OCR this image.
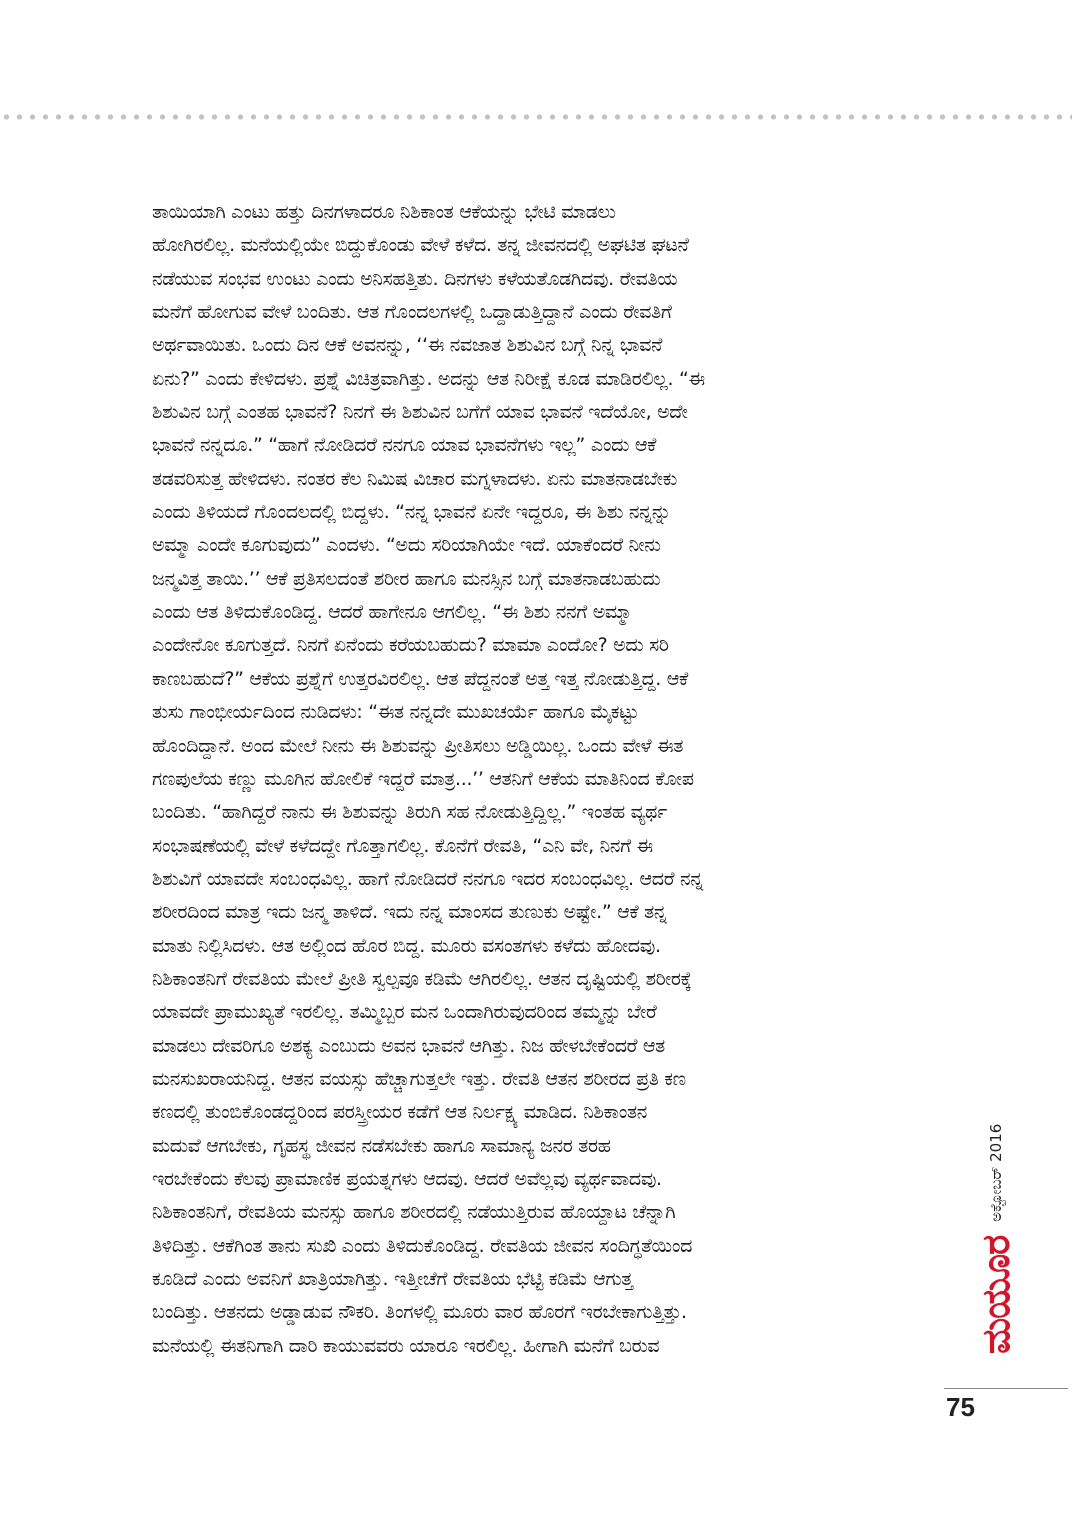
ತಾಯಿಯಾಗಿ ಎಂಟು ಹತ್ತು ದಿನಗಳಾದರೂ ನಿಶಿಕಾಂತ ಆಕೆಯನ್ನು ಭೇಟಿ ಮಾಡಲು
ಹೋಗಿರಲಿಲ್ಲ. ಮನೆಯಲ್ಲಿಯೇ ಬಿದ್ದುಕೊಂಡು ವೇಳೆ ಕಳೆದ. ತನ್ನ ಜೀವನದಲ್ಲಿ ಅಘಟಿತ ಘಟನೆ
ನಡೆಯುವ ಸಂಭವ ಉಂಟು ಎಂದು ಅನಿಸಹತ್ತಿತು. ದಿನಗಳು ಕಳೆಯತೊಡಗಿದವು. ರೇವತಿಯ
ಮನೆಗೆ ಹೋಗುವ ವೇಳೆ ಬಂದಿತು. ಆತ ಗೊಂದಲಗಳಲ್ಲಿ ಒದ್ದಾಡುತ್ತಿದ್ದಾನೆ ಎಂದು ರೇವತಿಗೆ
ಅರ್ಥವಾಯಿತು. ಒಂದು ದಿನ ಆಕೆ ಅವನನ್ನು, ‘‘ಈ ನವಜಾತ ಶಿಶುವಿನ ಬಗ್ಗೆ ನಿನ್ನ ಭಾವನೆ
ಏನು?” ಎಂದು ಕೇಳಿದಳು. ಪ್ರಶ್ನೆ ವಿಚಿತ್ರವಾಗಿತ್ತು. ಅದನ್ನು ಆತ ನಿರೀಕ್ಷೆ ಕೂಡ ಮಾಡಿರಲಿಲ್ಲ. “ಈ
ಶಿಶುವಿನ ಬಗ್ಗೆ ಎಂತಹ ಭಾವನೆ? ನಿನಗೆ ಈ ಶಿಶುವಿನ ಬಗೆಗೆ ಯಾವ ಭಾವನೆ ಇದೆಯೋ, ಅದೇ
ಭಾವನೆ ನನ್ನದೂ.” “ಹಾಗೆ ನೋಡಿದರೆ ನನಗೂ ಯಾವ ಭಾವನೆಗಳು ಇಲ್ಲ” ಎಂದು ಆಕೆ
ತಡವರಿಸುತ್ತ ಹೇಳಿದಳು. ನಂತರ ಕೆಲ ನಿಮಿಷ ವಿಚಾರ ಮಗ್ನಳಾದಳು. ಏನು ಮಾತನಾಡಬೇಕು
ಎಂದು ತಿಳಿಯದೆ ಗೊಂದಲದಲ್ಲಿ ಬಿದ್ದಳು. “ನನ್ನ ಭಾವನೆ ಏನೇ ಇದ್ದರೂ, ಈ ಶಿಶು ನನ್ನನ್ನು
ಅಮ್ಮಾ ಎಂದೇ ಕೂಗುವುದು” ಎಂದಳು. “ಅದು ಸರಿಯಾಗಿಯೇ ಇದೆ. ಯಾಕೆಂದರೆ ನೀನು
ಜನ್ಮವಿತ್ತ ತಾಯಿ.’’ ಆಕೆ ಪ್ರತಿಸಲದಂತೆ ಶರೀರ ಹಾಗೂ ಮನಸ್ಸಿನ ಬಗ್ಗೆ ಮಾತನಾಡಬಹುದು
ಎಂದು ಆತ ತಿಳಿದುಕೊಂಡಿದ್ದ. ಆದರೆ ಹಾಗೇನೂ ಆಗಲಿಲ್ಲ. “ಈ ಶಿಶು ನನಗೆ ಅಮ್ಮಾ
ಎಂದೇನೋ ಕೂಗುತ್ತದೆ. ನಿನಗೆ ಏನೆಂದು ಕರೆಯಬಹುದು? ಮಾಮಾ ಎಂದೋ? ಅದು ಸರಿ
ಕಾಣಬಹುದೆ?” ಆಕೆಯ ಪ್ರಶ್ನೆಗೆ ಉತ್ತರವಿರಲಿಲ್ಲ. ಆತ ಪೆದ್ದನಂತೆ ಅತ್ತ ಇತ್ತ ನೋಡುತ್ತಿದ್ದ. ಆಕೆ
ತುಸು ಗಾಂಭೀರ್ಯದಿಂದ ನುಡಿದಳು: “ಈತ ನನ್ನದೇ ಮುಖಚರ್ಯೆ ಹಾಗೂ ಮೈಕಟ್ಟು
ಹೊಂದಿದ್ದಾನೆ. ಅಂದ ಮೇಲೆ ನೀನು ಈ ಶಿಶುವನ್ನು ಪ್ರೀತಿಸಲು ಅಡ್ಡಿಯಿಲ್ಲ. ಒಂದು ವೇಳೆ ಈತ
ಗಣಪುಲೆಯ ಕಣ್ಣು ಮೂಗಿನ ಹೋಲಿಕೆ ಇದ್ದರೆ ಮಾತ್ರ...’’ ಆತನಿಗೆ ಆಕೆಯ ಮಾತಿನಿಂದ ಕೋಪ
ಬಂದಿತು. “ಹಾಗಿದ್ದರೆ ನಾನು ಈ ಶಿಶುವನ್ನು ತಿರುಗಿ ಸಹ ನೋಡುತ್ತಿದ್ದಿಲ್ಲ.” ಇಂತಹ ವ್ಯರ್ಥ
ಸಂಭಾಷಣೆಯಲ್ಲಿ ವೇಳೆ ಕಳೆದದ್ದೇ ಗೊತ್ತಾಗಲಿಲ್ಲ. ಕೊನೆಗೆ ರೇವತಿ, “ಎನಿ ವೇ, ನಿನಗೆ ಈ
ಶಿಶುವಿಗೆ ಯಾವದೇ ಸಂಬಂಧವಿಲ್ಲ. ಹಾಗೆ ನೋಡಿದರೆ ನನಗೂ ಇದರ ಸಂಬಂಧವಿಲ್ಲ. ಆದರೆ ನನ್ನ
ಶರೀರದಿಂದ ಮಾತ್ರ ಇದು ಜನ್ಮ ತಾಳಿದೆ. ಇದು ನನ್ನ ಮಾಂಸದ ತುಣುಕು ಅಷ್ಟೇ.” ಆಕೆ ತನ್ನ
ಮಾತು ನಿಲ್ಲಿಸಿದಳು. ಆತ ಅಲ್ಲಿಂದ ಹೊರ ಬಿದ್ದ. ಮೂರು ವಸಂತಗಳು ಕಳೆದು ಹೋದವು.
ನಿಶಿಕಾಂತನಿಗೆ ರೇವತಿಯ ಮೇಲೆ ಪ್ರೀತಿ ಸ್ವಲ್ಪವೂ ಕಡಿಮೆ ಆಗಿರಲಿಲ್ಲ. ಆತನ ದೃಷ್ಟಿಯಲ್ಲಿ ಶರೀರಕ್ಕೆ
ಯಾವದೇ ಪ್ರಾಮುಖ್ಯತೆ ಇರಲಿಲ್ಲ. ತಮ್ಮಿಬ್ಬರ ಮನ ಒಂದಾಗಿರುವುದರಿಂದ ತಮ್ಮನ್ನು ಬೇರೆ
ಮಾಡಲು ದೇವರಿಗೂ ಅಶಕ್ಯ ಎಂಬುದು ಅವನ ಭಾವನೆ ಆಗಿತ್ತು. ನಿಜ ಹೇಳಬೇಕೆಂದರೆ ಆತ
ಮನಸುಖರಾಯನಿದ್ದ. ಆತನ ವಯಸ್ಸು ಹೆಚ್ಚಾಗುತ್ತಲೇ ಇತ್ತು. ರೇವತಿ ಆತನ ಶರೀರದ ಪ್ರತಿ ಕಣ
ಕಣದಲ್ಲಿ ತುಂಬಿಕೊಂಡದ್ದರಿಂದ ಪರಸ್ತ್ರೀಯರ ಕಡೆಗೆ ಆತ ನಿರ್ಲಕ್ಷ್ಯ ಮಾಡಿದ. ನಿಶಿಕಾಂತನ
ಮದುವೆ ಆಗಬೇಕು, ಗೃಹಸ್ಥ ಜೀವನ ನಡೆಸಬೇಕು ಹಾಗೂ ಸಾಮಾನ್ಯ ಜನರ ತರಹ
ಇರಬೇಕೆಂದು ಕೆಲವು ಪ್ರಾಮಾಣಿಕ ಪ್ರಯತ್ನಗಳು ಆದವು. ಆದರೆ ಅವೆಲ್ಲವು ವ್ಯರ್ಥವಾದವು.
ನಿಶಿಕಾಂತನಿಗೆ, ರೇವತಿಯ ಮನಸ್ಸು ಹಾಗೂ ಶರೀರದಲ್ಲಿ ನಡೆಯುತ್ತಿರುವ ಹೊಯ್ದಾಟ ಚೆನ್ನಾಗಿ
ತಿಳಿದಿತ್ತು. ಆಕೆಗಿಂತ ತಾನು ಸುಖಿ ಎಂದು ತಿಳಿದುಕೊಂಡಿದ್ದ. ರೇವತಿಯ ಜೀವನ ಸಂದಿಗ್ಧತೆಯಿಂದ
ಕೂಡಿದೆ ಎಂದು ಅವನಿಗೆ ಖಾತ್ರಿಯಾಗಿತ್ತು. ಇತ್ತೀಚೆಗೆ ರೇವತಿಯ ಭೆಟ್ಟಿ ಕಡಿಮೆ ಆಗುತ್ತ
ಬಂದಿತ್ತು. ಆತನದು ಅಡ್ಡಾಡುವ ನೌಕರಿ. ತಿಂಗಳಲ್ಲಿ ಮೂರು ವಾರ ಹೊರಗೆ ಇರಬೇಕಾಗುತ್ತಿತ್ತು.
ಮನೆಯಲ್ಲಿ ಈತನಿಗಾಗಿ ದಾರಿ ಕಾಯುವವರು ಯಾರೂ ಇರಲಿಲ್ಲ. ಹೀಗಾಗಿ ಮನೆಗೆ ಬರುವ	ಮಯೂರ
ಅಕ್ಟೋಬರ್ 2016
75
